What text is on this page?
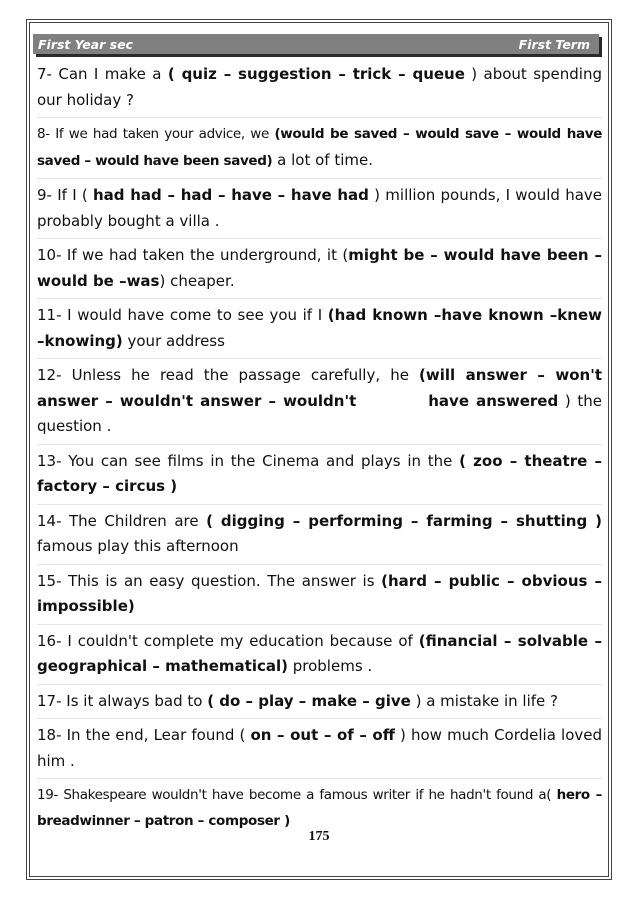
First Year sec	First Term
7- Can I make a ( quiz – suggestion – trick – queue ) about spending our holiday ?
8- If we had taken your advice, we (would be saved – would save – would have saved – would have been saved) a lot of time.
9- If I ( had had – had – have – have had ) million pounds, I would have probably bought a villa .
10- If we had taken the underground, it (might be – would have been – would be –was) cheaper.
11- I would have come to see you if I (had known –have known –knew –knowing) your address
12- Unless he read the passage carefully, he (will answer – won't answer – wouldn't answer – wouldn't	have answered ) the question .
13- You can see films in the Cinema and plays in the ( zoo – theatre – factory – circus )
14- The Children are ( digging – performing – farming – shutting ) famous play this afternoon
15- This is an easy question. The answer is (hard – public – obvious – impossible)
16- I couldn't complete my education because of (financial – solvable – geographical – mathematical) problems .
17- Is it always bad to ( do – play – make – give ) a mistake in life ?
18- In the end, Lear found ( on – out – of – off ) how much Cordelia loved him .
19- Shakespeare wouldn't have become a famous writer if he hadn't found a( hero – breadwinner – patron – composer )
175
